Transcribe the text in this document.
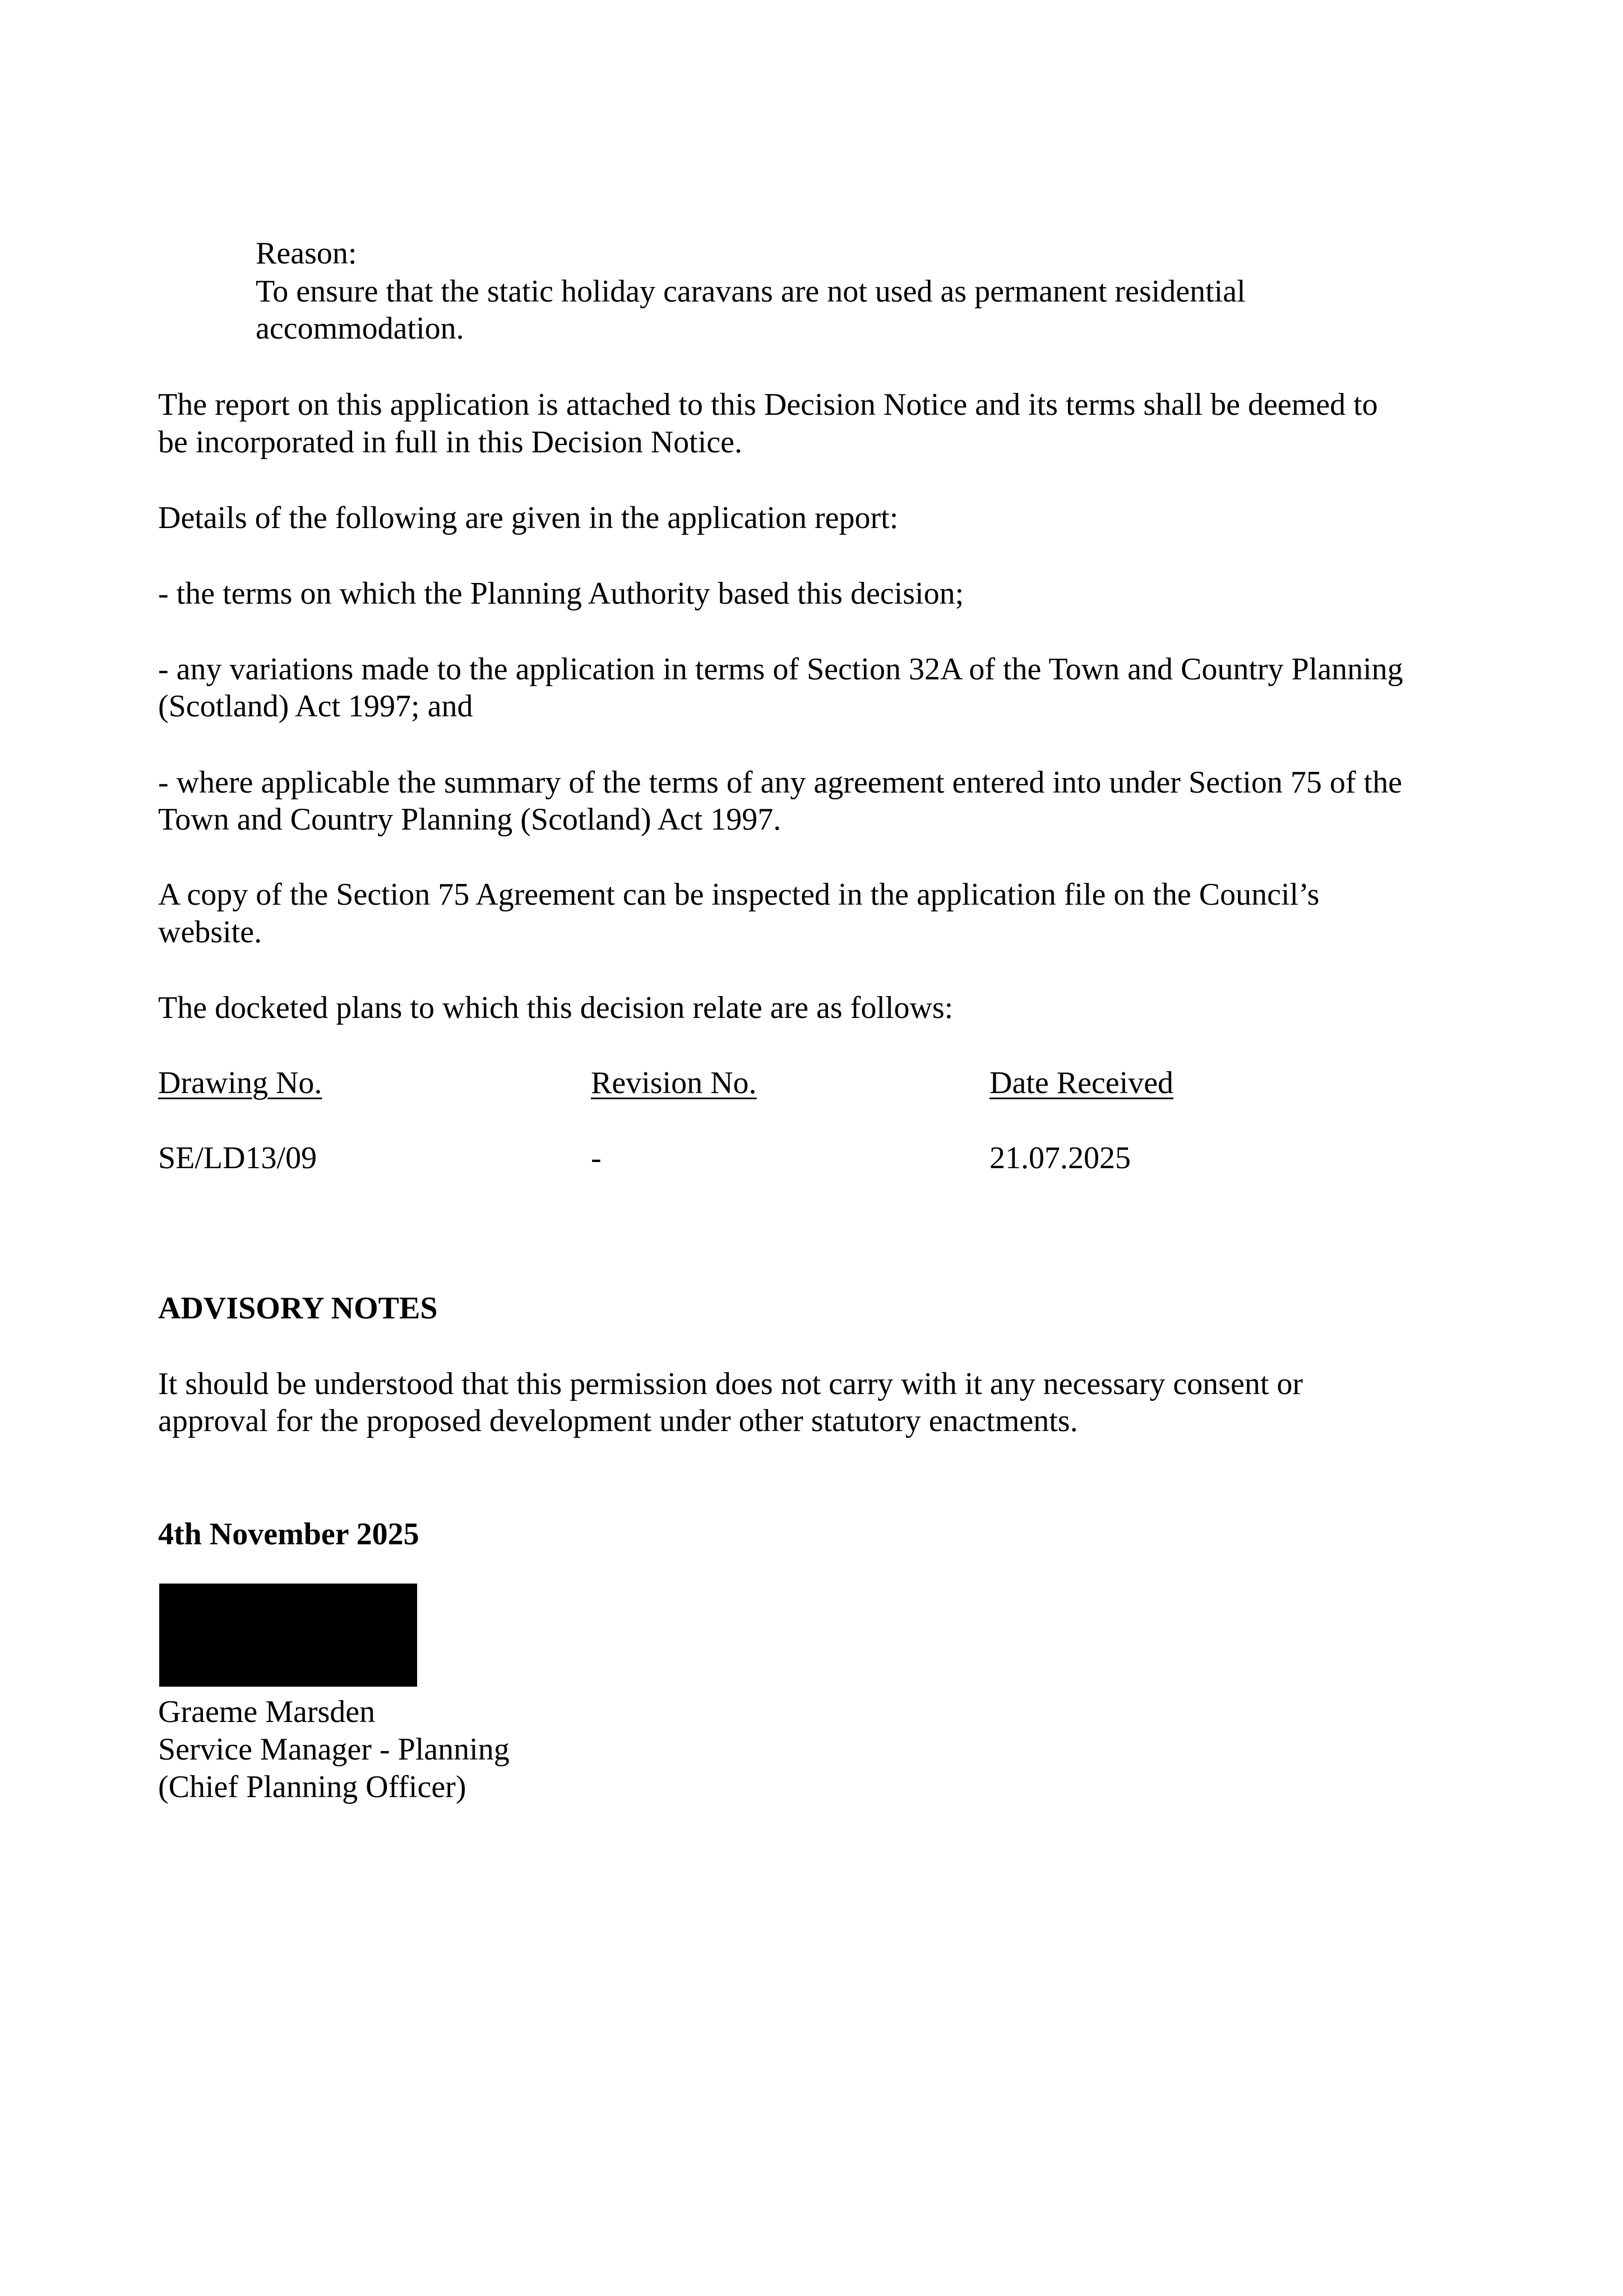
Reason:

To ensure that the static holiday caravans are not used as permanent residential

accommodation.

The report on this application is attached to this Decision Notice and its terms shall be deemed to

be incorporated in full in this Decision Notice.

Details of the following are given in the application report:

- the terms on which the Planning Authority based this decision;

- any variations made to the application in terms of Section 32A of the Town and Country Planning

(Scotland) Act 1997; and

- where applicable the summary of the terms of any agreement entered into under Section 75 of the

Town and Country Planning (Scotland) Act 1997.

A copy of the Section 75 Agreement can be inspected in the application file on the Council’s

website.

The docketed plans to which this decision relate are as follows:

Drawing No.	Revision No.	Date Received

SE/LD13/09	-	21.07.2025

ADVISORY NOTES

It should be understood that this permission does not carry with it any necessary consent or

approval for the proposed development under other statutory enactments.

4th November 2025

Graeme Marsden

Service Manager - Planning

(Chief Planning Officer)
